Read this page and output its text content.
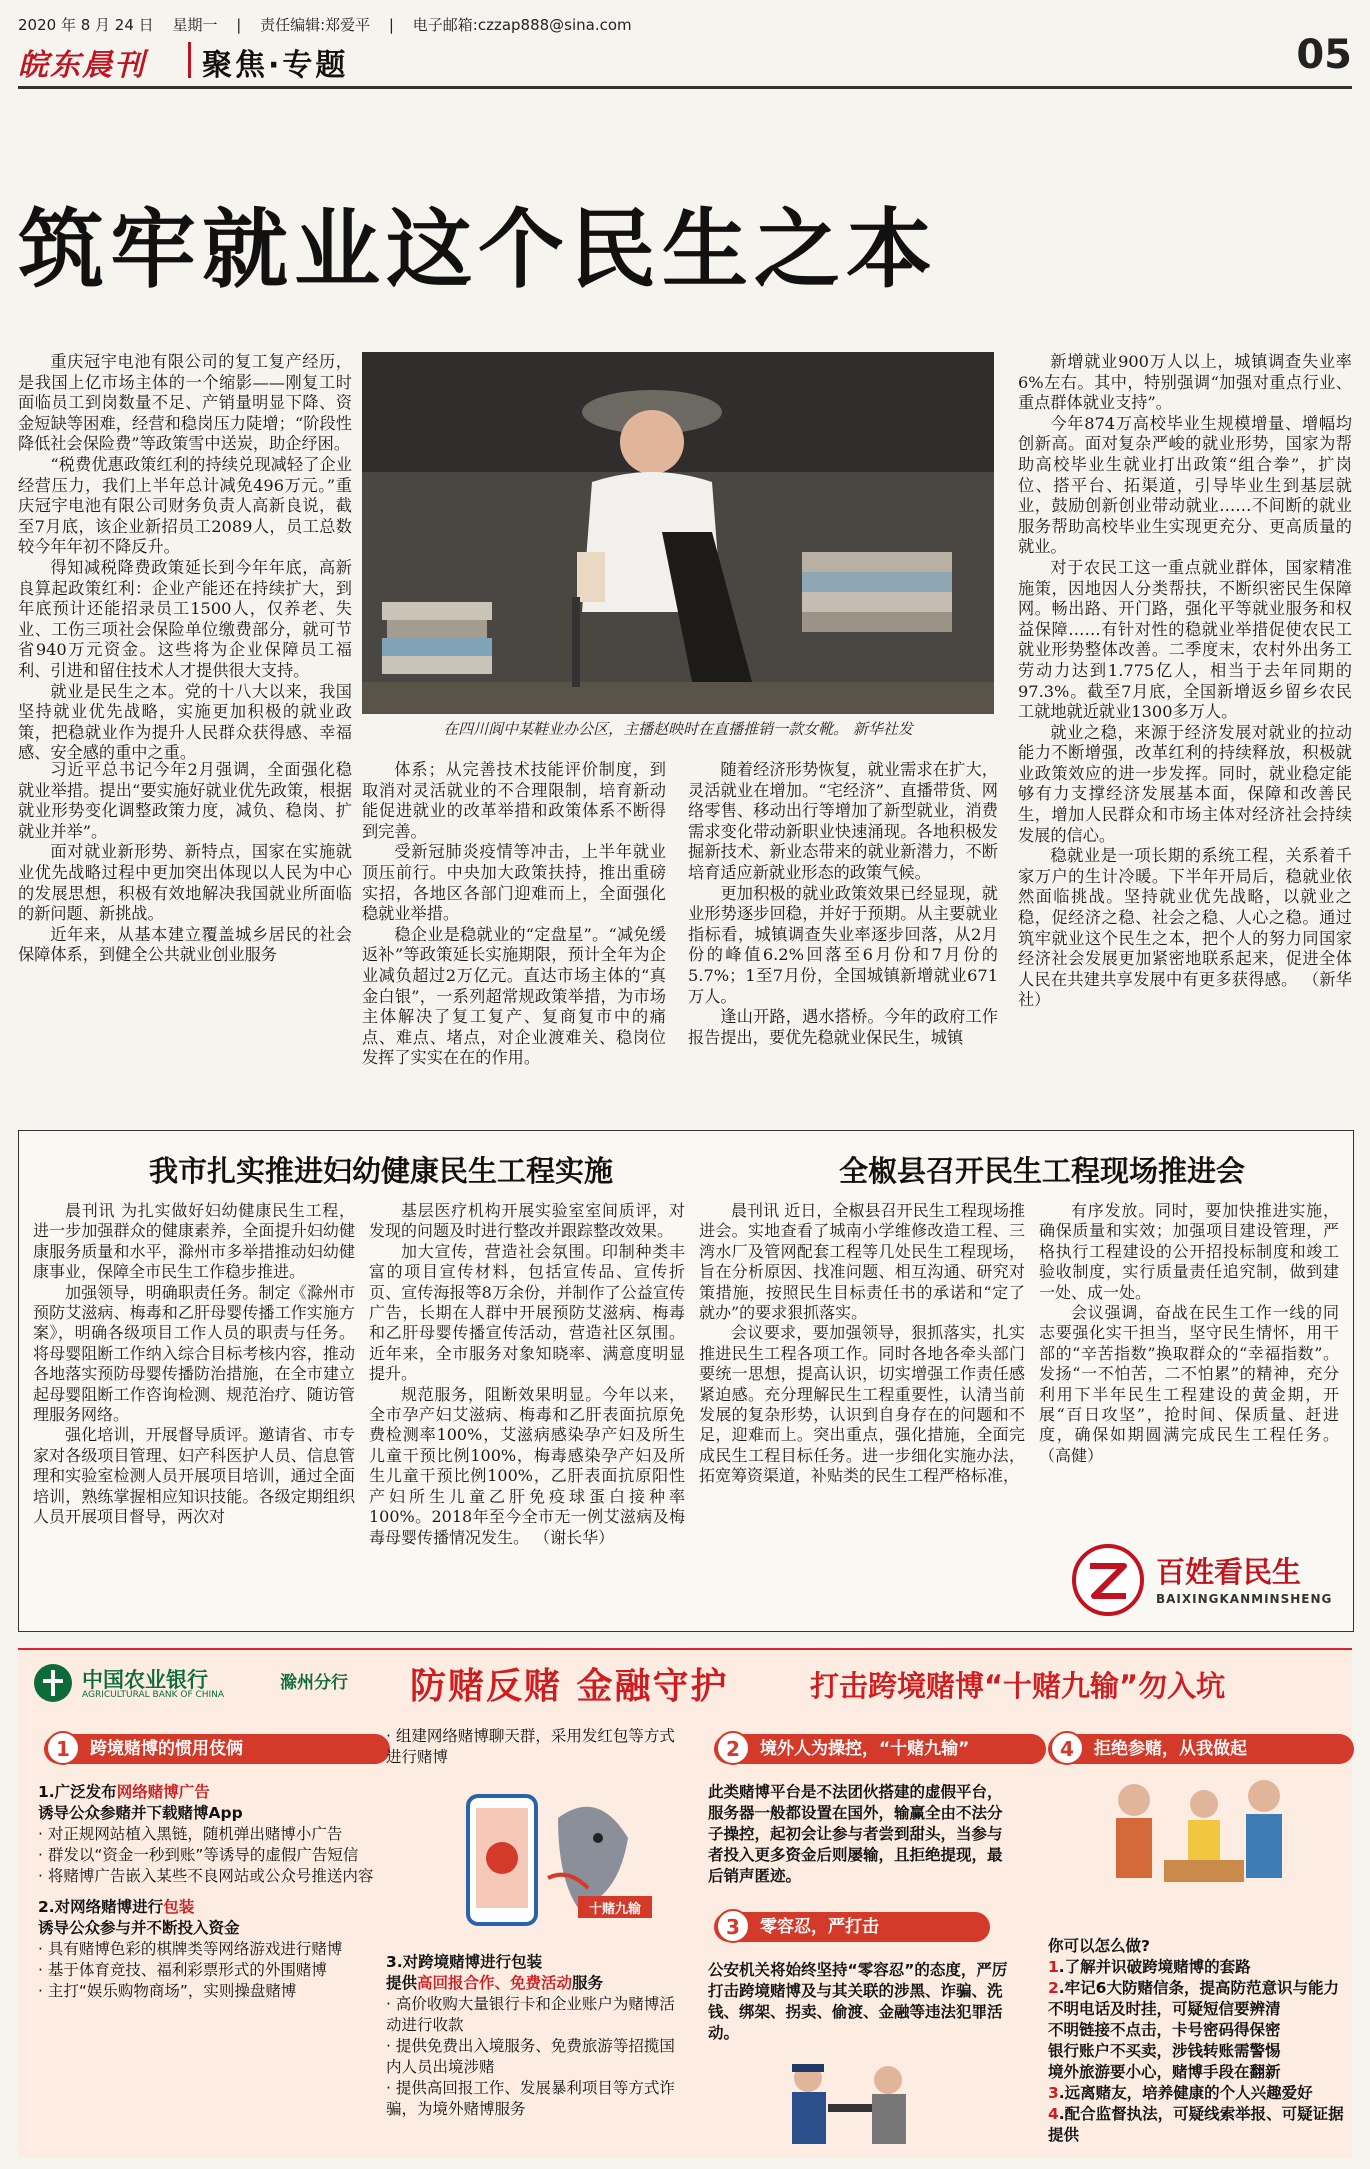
2020 年 8 月 24 日 星期一 | 责任编辑:郑爱平 | 电子邮箱:czzap888@sina.com
皖东晨刊 聚焦·专题	05
筑牢就业这个民生之本

重庆冠宇电池有限公司的复工复产经历，是我国上亿市场主体的一个缩影——刚复工时面临员工到岗数量不足、产销量明显下降、资金短缺等困难，经营和稳岗压力陡增；“阶段性降低社会保险费”等政策雪中送炭，助企纾困。

“税费优惠政策红利的持续兑现减轻了企业经营压力，我们上半年总计减免496万元。”重庆冠宇电池有限公司财务负责人高新良说，截至7月底，该企业新招员工2089人，员工总数较今年年初不降反升。

得知减税降费政策延长到今年年底，高新良算起政策红利：企业产能还在持续扩大，到年底预计还能招录员工1500人，仅养老、失业、工伤三项社会保险单位缴费部分，就可节省940万元资金。这些将为企业保障员工福利、引进和留住技术人才提供很大支持。

就业是民生之本。党的十八大以来，我国坚持就业优先战略，实施更加积极的就业政策，把稳就业作为提升人民群众获得感、幸福感、安全感的重中之重。

在四川阆中某鞋业办公区，主播赵映时在直播推销一款女靴。 新华社发

习近平总书记今年2月强调，全面强化稳就业举措。提出“要实施好就业优先政策，根据就业形势变化调整政策力度，减负、稳岗、扩就业并举”。

面对就业新形势、新特点，国家在实施就业优先战略过程中更加突出体现以人民为中心的发展思想，积极有效地解决我国就业所面临的新问题、新挑战。

近年来，从基本建立覆盖城乡居民的社会保障体系，到健全公共就业创业服务

体系；从完善技术技能评价制度，到取消对灵活就业的不合理限制，培育新动能促进就业的改革举措和政策体系不断得到完善。

受新冠肺炎疫情等冲击，上半年就业顶压前行。中央加大政策扶持，推出重磅实招，各地区各部门迎难而上，全面强化稳就业举措。

稳企业是稳就业的“定盘星”。“减免缓返补”等政策延长实施期限，预计全年为企业减负超过2万亿元。直达市场主体的“真金白银”，一系列超常规政策举措，为市场主体解决了复工复产、复商复市中的痛点、难点、堵点，对企业渡难关、稳岗位发挥了实实在在的作用。

随着经济形势恢复，就业需求在扩大，灵活就业在增加。“宅经济”、直播带货、网络零售、移动出行等增加了新型就业，消费需求变化带动新职业快速涌现。各地积极发掘新技术、新业态带来的就业新潜力，不断培育适应新就业形态的政策气候。

更加积极的就业政策效果已经显现，就业形势逐步回稳，并好于预期。从主要就业指标看，城镇调查失业率逐步回落，从2月份的峰值6.2%回落至6月份和7月份的5.7%；1至7月份，全国城镇新增就业671万人。

逢山开路，遇水搭桥。今年的政府工作报告提出，要优先稳就业保民生，城镇

新增就业900万人以上，城镇调查失业率6%左右。其中，特别强调“加强对重点行业、重点群体就业支持”。

今年874万高校毕业生规模增量、增幅均创新高。面对复杂严峻的就业形势，国家为帮助高校毕业生就业打出政策“组合拳”，扩岗位、搭平台、拓渠道，引导毕业生到基层就业，鼓励创新创业带动就业……不间断的就业服务帮助高校毕业生实现更充分、更高质量的就业。

对于农民工这一重点就业群体，国家精准施策，因地因人分类帮扶，不断织密民生保障网。畅出路、开门路，强化平等就业服务和权益保障……有针对性的稳就业举措促使农民工就业形势整体改善。二季度末，农村外出务工劳动力达到1.775亿人，相当于去年同期的97.3%。截至7月底，全国新增返乡留乡农民工就地就近就业1300多万人。

就业之稳，来源于经济发展对就业的拉动能力不断增强，改革红利的持续释放，积极就业政策效应的进一步发挥。同时，就业稳定能够有力支撑经济发展基本面，保障和改善民生，增加人民群众和市场主体对经济社会持续发展的信心。

稳就业是一项长期的系统工程，关系着千家万户的生计冷暖。下半年开局后，稳就业依然面临挑战。坚持就业优先战略，以就业之稳，促经济之稳、社会之稳、人心之稳。通过筑牢就业这个民生之本，把个人的努力同国家经济社会发展更加紧密地联系起来，促进全体人民在共建共享发展中有更多获得感。 （新华社）

我市扎实推进妇幼健康民生工程实施	全椒县召开民生工程现场推进会

晨刊讯 为扎实做好妇幼健康民生工程，进一步加强群众的健康素养，全面提升妇幼健康服务质量和水平，滁州市多举措推动妇幼健康事业，保障全市民生工作稳步推进。

加强领导，明确职责任务。制定《滁州市预防艾滋病、梅毒和乙肝母婴传播工作实施方案》，明确各级项目工作人员的职责与任务。将母婴阻断工作纳入综合目标考核内容，推动各地落实预防母婴传播防治措施，在全市建立起母婴阻断工作咨询检测、规范治疗、随访管理服务网络。

强化培训，开展督导质评。邀请省、市专家对各级项目管理、妇产科医护人员、信息管理和实验室检测人员开展项目培训，通过全面培训，熟练掌握相应知识技能。各级定期组织人员开展项目督导，两次对

基层医疗机构开展实验室室间质评，对发现的问题及时进行整改并跟踪整改效果。

加大宣传，营造社会氛围。印制种类丰富的项目宣传材料，包括宣传品、宣传折页、宣传海报等8万余份，并制作了公益宣传广告，长期在人群中开展预防艾滋病、梅毒和乙肝母婴传播宣传活动，营造社区氛围。近年来，全市服务对象知晓率、满意度明显提升。

规范服务，阻断效果明显。今年以来，全市孕产妇艾滋病、梅毒和乙肝表面抗原免费检测率100%，艾滋病感染孕产妇及所生儿童干预比例100%，梅毒感染孕产妇及所生儿童干预比例100%，乙肝表面抗原阳性产妇所生儿童乙肝免疫球蛋白接种率100%。2018年至今全市无一例艾滋病及梅毒母婴传播情况发生。 （谢长华）

晨刊讯 近日，全椒县召开民生工程现场推进会。实地查看了城南小学维修改造工程、三湾水厂及管网配套工程等几处民生工程现场，旨在分析原因、找准问题、相互沟通、研究对策措施，按照民生目标责任书的承诺和“定了就办”的要求狠抓落实。

会议要求，要加强领导，狠抓落实，扎实推进民生工程各项工作。同时各地各牵头部门要统一思想，提高认识，切实增强工作责任感紧迫感。充分理解民生工程重要性，认清当前发展的复杂形势，认识到自身存在的问题和不足，迎难而上。突出重点，强化措施，全面完成民生工程目标任务。进一步细化实施办法，拓宽筹资渠道，补贴类的民生工程严格标准，

有序发放。同时，要加快推进实施，确保质量和实效；加强项目建设管理，严格执行工程建设的公开招投标制度和竣工验收制度，实行质量责任追究制，做到建一处、成一处。

会议强调，奋战在民生工作一线的同志要强化实干担当，坚守民生情怀，用干部的“辛苦指数”换取群众的“幸福指数”。发扬“一不怕苦，二不怕累”的精神，充分利用下半年民生工程建设的黄金期，开展“百日攻坚”，抢时间、保质量、赶进度，确保如期圆满完成民生工程任务。 （高健）

百姓看民生
BAIXINGKANMINSHENG
中国农业银行
AGRICULTURAL BANK OF CHINA
滁州分行 防赌反赌 金融守护	打击跨境赌博“十赌九输”勿入坑
1	跨境赌博的惯用伎俩
1.广泛发布网络赌博广告
诱导公众参赌并下载赌博App
· 对正规网站植入黑链，随机弹出赌博小广告
· 群发以“资金一秒到账”等诱导的虚假广告短信
· 将赌博广告嵌入某些不良网站或公众号推送内容
2.对网络赌博进行包装
诱导公众参与并不断投入资金
· 具有赌博色彩的棋牌类等网络游戏进行赌博
· 基于体育竞技、福利彩票形式的外围赌博
· 主打“娱乐购物商场”，实则操盘赌博
· 组建网络赌博聊天群，采用发红包等方式进行赌博
十赌九输
3.对跨境赌博进行包装
提供高回报合作、免费活动服务
· 高价收购大量银行卡和企业账户为赌博活动进行收款
· 提供免费出入境服务、免费旅游等招揽国内人员出境涉赌
· 提供高回报工作、发展暴利项目等方式诈骗，为境外赌博服务
2	境外人为操控，“十赌九输”
此类赌博平台是不法团伙搭建的虚假平台，服务器一般都设置在国外，输赢全由不法分子操控，起初会让参与者尝到甜头，当参与者投入更多资金后则屡输，且拒绝提现，最后销声匿迹。
3	零容忍，严打击
公安机关将始终坚持“零容忍”的态度，严厉打击跨境赌博及与其关联的涉黑、诈骗、洗钱、绑架、拐卖、偷渡、金融等违法犯罪活动。
4	拒绝参赌，从我做起
你可以怎么做?
1.了解并识破跨境赌博的套路
2.牢记6大防赌信条，提高防范意识与能力
不明电话及时挂，可疑短信要辨清
不明链接不点击，卡号密码得保密
银行账户不买卖，涉钱转账需警惕
境外旅游要小心，赌博手段在翻新
3.远离赌友，培养健康的个人兴趣爱好
4.配合监督执法，可疑线索举报、可疑证据提供
